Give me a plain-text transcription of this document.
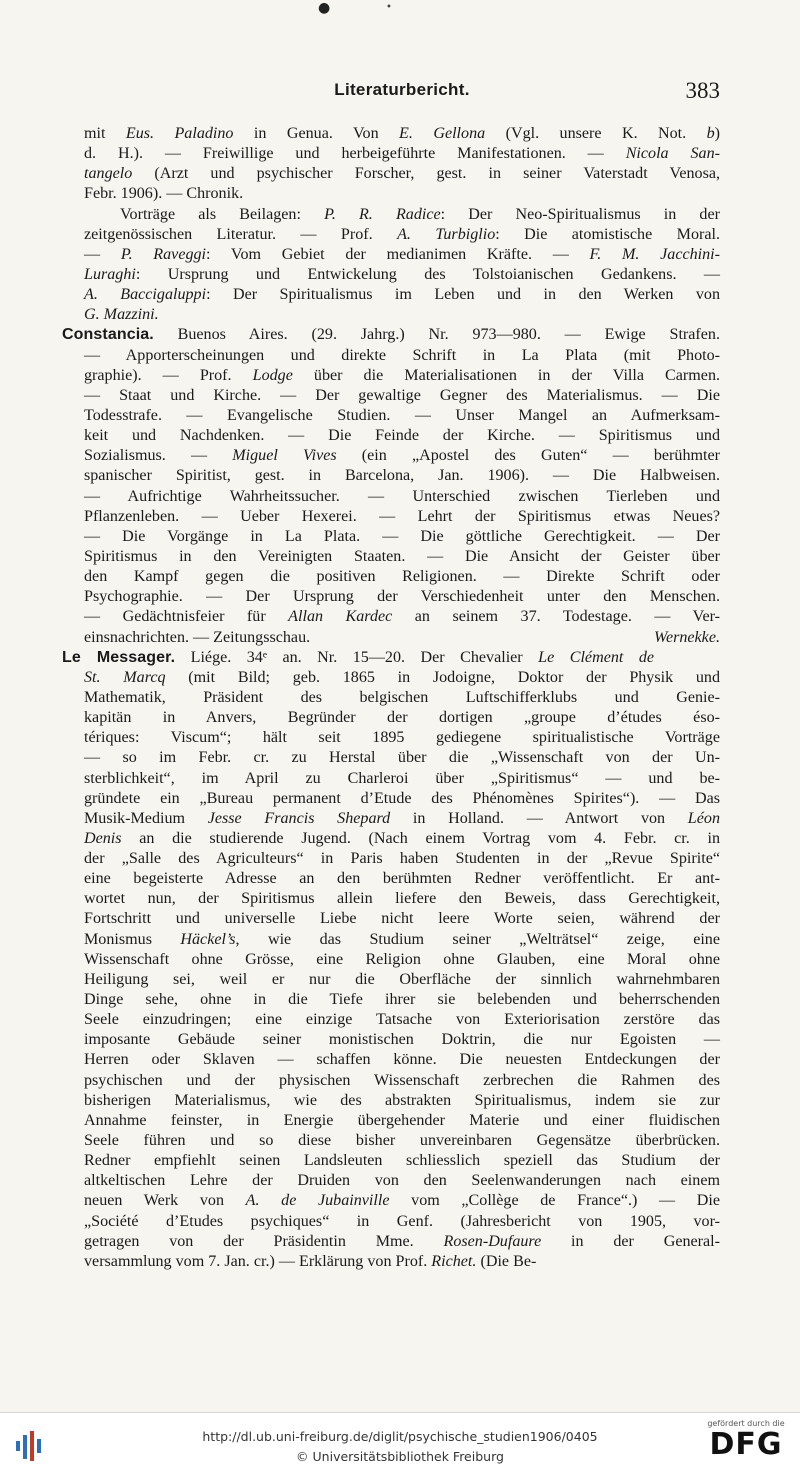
●	•
Literaturbericht.	383
mit Eus. Paladino in Genua. Von E. Gellona (Vgl. unsere K. Not. b)
d. H.). — Freiwillige und herbeigeführte Manifestationen. — Nicola San-
tangelo (Arzt und psychischer Forscher, gest. in seiner Vaterstadt Venosa,
Febr. 1906). — Chronik.
Vorträge als Beilagen: P. R. Radice: Der Neo-Spiritualismus in der
zeitgenössischen Literatur. — Prof. A. Turbiglio: Die atomistische Moral.
— P. Raveggi: Vom Gebiet der medianimen Kräfte. — F. M. Jacchini-
Luraghi: Ursprung und Entwickelung des Tolstoianischen Gedankens. —
A. Baccigaluppi: Der Spiritualismus im Leben und in den Werken von
G. Mazzini.
Constancia. Buenos Aires. (29. Jahrg.) Nr. 973—980. — Ewige Strafen.
— Apporterscheinungen und direkte Schrift in La Plata (mit Photo-
graphie). — Prof. Lodge über die Materialisationen in der Villa Carmen.
— Staat und Kirche. — Der gewaltige Gegner des Materialismus. — Die
Todesstrafe. — Evangelische Studien. — Unser Mangel an Aufmerksam-
keit und Nachdenken. — Die Feinde der Kirche. — Spiritismus und
Sozialismus. — Miguel Vives (ein „Apostel des Guten“ — berühmter
spanischer Spiritist, gest. in Barcelona, Jan. 1906). — Die Halbweisen.
— Aufrichtige Wahrheitssucher. — Unterschied zwischen Tierleben und
Pflanzenleben. — Ueber Hexerei. — Lehrt der Spiritismus etwas Neues?
— Die Vorgänge in La Plata. — Die göttliche Gerechtigkeit. — Der
Spiritismus in den Vereinigten Staaten. — Die Ansicht der Geister über
den Kampf gegen die positiven Religionen. — Direkte Schrift oder
Psychographie. — Der Ursprung der Verschiedenheit unter den Menschen.
— Gedächtnisfeier für Allan Kardec an seinem 37. Todestage. — Ver-
einsnachrichten. — Zeitungsschau.	Wernekke.
Le Messager. Liége. 34ᵉ an. Nr. 15—20. Der Chevalier Le Clément de
St. Marcq (mit Bild; geb. 1865 in Jodoigne, Doktor der Physik und
Mathematik, Präsident des belgischen Luftschifferklubs und Genie-
kapitän in Anvers, Begründer der dortigen „groupe d’études éso-
tériques: Viscum“; hält seit 1895 gediegene spiritualistische Vorträge
— so im Febr. cr. zu Herstal über die „Wissenschaft von der Un-
sterblichkeit“, im April zu Charleroi über „Spiritismus“ — und be-
gründete ein „Bureau permanent d’Etude des Phénomènes Spirites“). — Das
Musik-Medium Jesse Francis Shepard in Holland. — Antwort von Léon
Denis an die studierende Jugend. (Nach einem Vortrag vom 4. Febr. cr. in
der „Salle des Agriculteurs“ in Paris haben Studenten in der „Revue Spirite“
eine begeisterte Adresse an den berühmten Redner veröffentlicht. Er ant-
wortet nun, der Spiritismus allein liefere den Beweis, dass Gerechtigkeit,
Fortschritt und universelle Liebe nicht leere Worte seien, während der
Monismus Häckel’s, wie das Studium seiner „Welträtsel“ zeige, eine
Wissenschaft ohne Grösse, eine Religion ohne Glauben, eine Moral ohne
Heiligung sei, weil er nur die Oberfläche der sinnlich wahrnehmbaren
Dinge sehe, ohne in die Tiefe ihrer sie belebenden und beherrschenden
Seele einzudringen; eine einzige Tatsache von Exteriorisation zerstöre das
imposante Gebäude seiner monistischen Doktrin, die nur Egoisten —
Herren oder Sklaven — schaffen könne. Die neuesten Entdeckungen der
psychischen und der physischen Wissenschaft zerbrechen die Rahmen des
bisherigen Materialismus, wie des abstrakten Spiritualismus, indem sie zur
Annahme feinster, in Energie übergehender Materie und einer fluidischen
Seele führen und so diese bisher unvereinbaren Gegensätze überbrücken.
Redner empfiehlt seinen Landsleuten schliesslich speziell das Studium der
altkeltischen Lehre der Druiden von den Seelenwanderungen nach einem
neuen Werk von A. de Jubainville vom „Collège de France“.) — Die
„Société d’Etudes psychiques“ in Genf. (Jahresbericht von 1905, vor-
getragen von der Präsidentin Mme. Rosen-Dufaure in der General-
versammlung vom 7. Jan. cr.) — Erklärung von Prof. Richet. (Die Be-
http://dl.ub.uni-freiburg.de/diglit/psychische_studien1906/0405
© Universitätsbibliothek Freiburg
gefördert durch die
DFG
